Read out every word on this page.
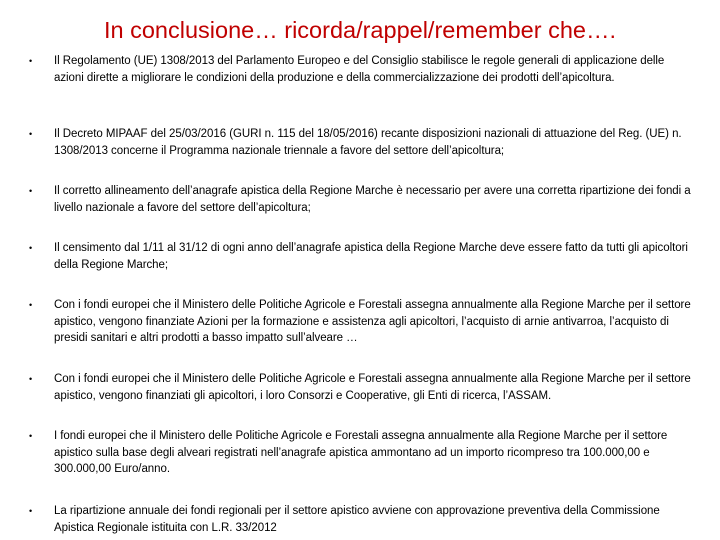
In conclusione… ricorda/rappel/remember che….
• Il Regolamento (UE) 1308/2013 del Parlamento Europeo e del Consiglio stabilisce le regole generali di applicazione delle azioni dirette a migliorare le condizioni della produzione e della commercializzazione dei prodotti dell’apicoltura.
• Il Decreto MIPAAF del 25/03/2016 (GURI n. 115 del 18/05/2016) recante disposizioni nazionali di attuazione del Reg. (UE) n. 1308/2013 concerne il Programma nazionale triennale a favore del settore dell’apicoltura;
• Il corretto allineamento dell’anagrafe apistica della Regione Marche è necessario per avere una corretta ripartizione dei fondi a livello nazionale a favore del settore dell’apicoltura;
• Il censimento dal 1/11 al 31/12 di ogni anno dell’anagrafe apistica della Regione Marche deve essere fatto da tutti gli apicoltori della Regione Marche;
• Con i fondi europei che il Ministero delle Politiche Agricole e Forestali assegna annualmente alla Regione Marche per il settore apistico, vengono finanziate Azioni per la formazione e assistenza agli apicoltori, l’acquisto di arnie antivarroa, l’acquisto di presidi sanitari e altri prodotti a basso impatto sull’alveare …
• Con i fondi europei che il Ministero delle Politiche Agricole e Forestali assegna annualmente alla Regione Marche per il settore apistico, vengono finanziati gli apicoltori, i loro Consorzi e Cooperative, gli Enti di ricerca, l’ASSAM.
• I fondi europei che il Ministero delle Politiche Agricole e Forestali assegna annualmente alla Regione Marche per il settore apistico sulla base degli alveari registrati nell’anagrafe apistica ammontano ad un importo ricompreso tra 100.000,00 e 300.000,00 Euro/anno.
• La ripartizione annuale dei fondi regionali per il settore apistico avviene con approvazione preventiva della Commissione Apistica Regionale istituita con L.R. 33/2012
